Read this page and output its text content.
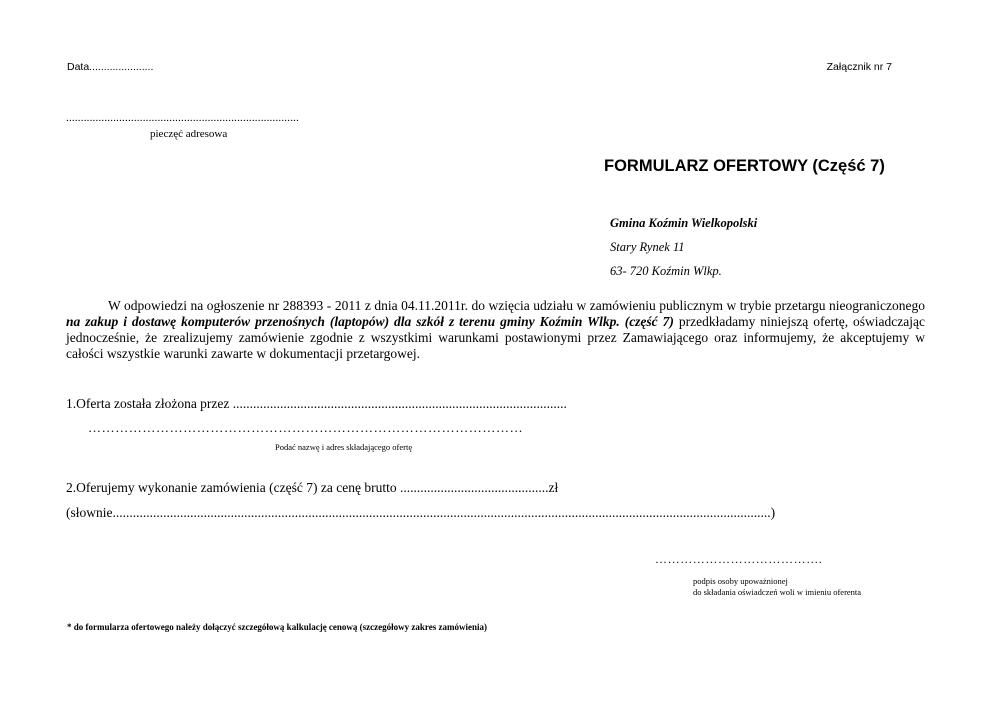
Data......................	Załącznik nr 7
...............................................................................
pieczęć adresowa
FORMULARZ OFERTOWY (Część 7)
Gmina Koźmin Wielkopolski
Stary Rynek 11
63- 720 Koźmin Wlkp.

W odpowiedzi na ogłoszenie nr 288393 - 2011 z dnia 04.11.2011r. do wzięcia udziału w zamówieniu publicznym w trybie przetargu nieograniczonego na zakup i dostawę komputerów przenośnych (laptopów) dla szkół z terenu gminy Koźmin Wlkp. (część 7) przedkładamy niniejszą ofertę, oświadczając jednocześnie, że zrealizujemy zamówienie zgodnie z wszystkimi warunkami postawionymi przez Zamawiającego oraz informujemy, że akceptujemy w całości wszystkie warunki zawarte w dokumentacji przetargowej.

1.Oferta została złożona przez ...................................................................................................
……………………………………………………………………………………
Podać nazwę i adres składającego ofertę
2.Oferujemy wykonanie zamówienia (część 7) za cenę brutto ............................................zł
(słownie...................................................................................................................................................................................................)
………………………………….
podpis osoby upoważnionej
do składania oświadczeń woli w imieniu oferenta
* do formularza ofertowego należy dołączyć szczegółową kalkulację cenową (szczegółowy zakres zamówienia)
